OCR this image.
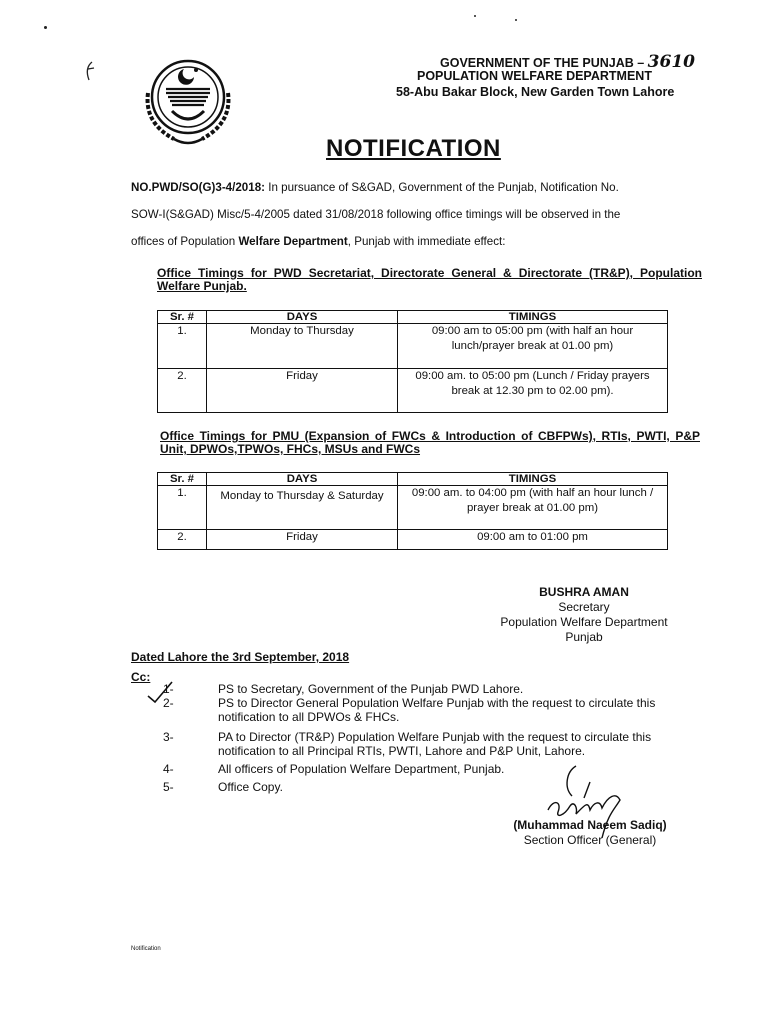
GOVERNMENT OF THE PUNJAB – 3610
POPULATION WELFARE DEPARTMENT
58-Abu Bakar Block, New Garden Town Lahore
NOTIFICATION
NO.PWD/SO(G)3-4/2018: In pursuance of S&GAD, Government of the Punjab, Notification No.
SOW-I(S&GAD) Misc/5-4/2005 dated 31/08/2018 following office timings will be observed in the
offices of Population Welfare Department, Punjab with immediate effect:
Office Timings for PWD Secretariat, Directorate General & Directorate (TR&P), Population Welfare Punjab.
Sr. #	DAYS	TIMINGS
1.	Monday to Thursday	09:00 am to 05:00 pm (with half an hour lunch/prayer break at 01.00 pm)
2.	Friday	09:00 am. to 05:00 pm (Lunch / Friday prayers break at 12.30 pm to 02.00 pm).
Office Timings for PMU (Expansion of FWCs & Introduction of CBFPWs), RTIs, PWTI, P&P Unit, DPWOs,TPWOs, FHCs, MSUs and FWCs
Sr. #	DAYS	TIMINGS
1.	Monday to Thursday & Saturday	09:00 am. to 04:00 pm (with half an hour lunch / prayer break at 01.00 pm)
2.	Friday	09:00 am to 01:00 pm
BUSHRA AMAN
Secretary
Population Welfare Department
Punjab
Dated Lahore the 3rd September, 2018
Cc:
1-	PS to Secretary, Government of the Punjab PWD Lahore.
2-	PS to Director General Population Welfare Punjab with the request to circulate this notification to all DPWOs & FHCs.
3-	PA to Director (TR&P) Population Welfare Punjab with the request to circulate this notification to all Principal RTIs, PWTI, Lahore and P&P Unit, Lahore.
4-	All officers of Population Welfare Department, Punjab.
5-	Office Copy.
(Muhammad Naeem Sadiq)
Section Officer (General)
Notification
